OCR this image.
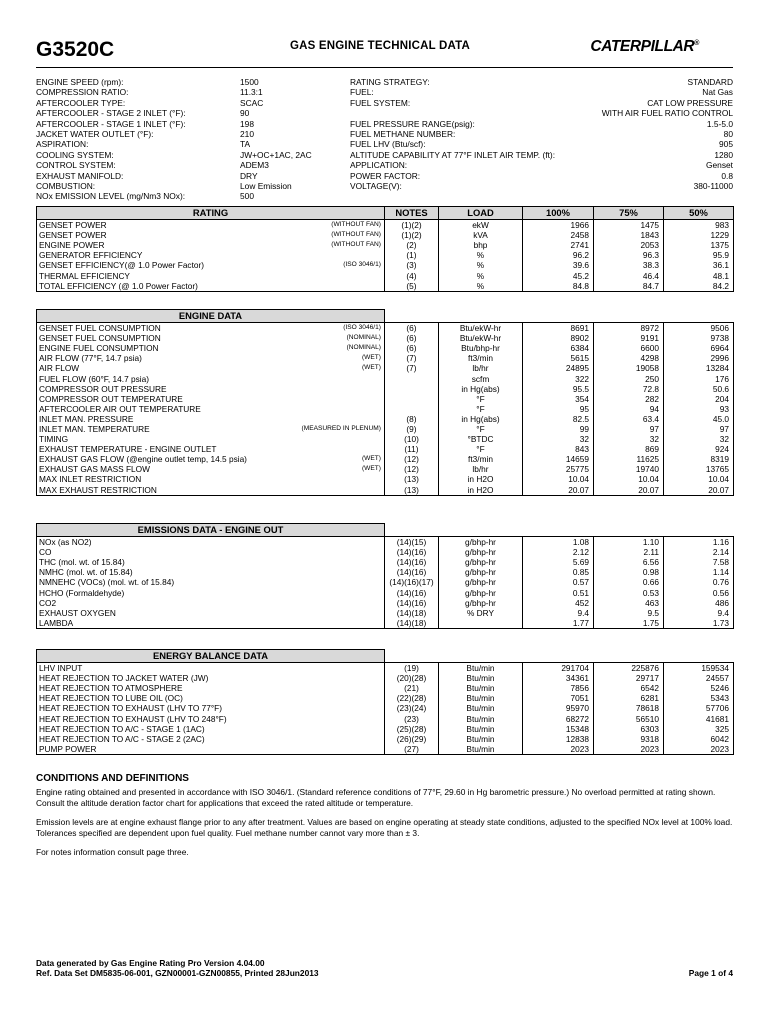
G3520C	GAS ENGINE TECHNICAL DATA	CATERPILLAR®
ENGINE SPEED (rpm):	1500	RATING STRATEGY:	STANDARD
COMPRESSION RATIO:	11.3:1	FUEL:	Nat Gas
AFTERCOOLER TYPE:	SCAC	FUEL SYSTEM:	CAT LOW PRESSURE
AFTERCOOLER - STAGE 2 INLET (°F):	90	WITH AIR FUEL RATIO CONTROL
AFTERCOOLER - STAGE 1 INLET (°F):	198	FUEL PRESSURE RANGE(psig):	1.5-5.0
JACKET WATER OUTLET (°F):	210	FUEL METHANE NUMBER:	80
ASPIRATION:	TA	FUEL LHV (Btu/scf):	905
COOLING SYSTEM:	JW+OC+1AC, 2AC	ALTITUDE CAPABILITY AT 77°F INLET AIR TEMP. (ft):	1280
CONTROL SYSTEM:	ADEM3	APPLICATION:	Genset
EXHAUST MANIFOLD:	DRY	POWER FACTOR:	0.8
COMBUSTION:	Low Emission	VOLTAGE(V):	380-11000
NOx EMISSION LEVEL (mg/Nm3 NOx):	500
RATING	NOTES	LOAD	100%	75%	50%
GENSET POWER (WITHOUT FAN)	(1)(2)	ekW	1966	1475	983
GENSET POWER (WITHOUT FAN)	(1)(2)	kVA	2458	1843	1229
ENGINE POWER (WITHOUT FAN)	(2)	bhp	2741	2053	1375
GENERATOR EFFICIENCY	(1)	%	96.2	96.3	95.9
GENSET EFFICIENCY(@ 1.0 Power Factor) (ISO 3046/1)	(3)	%	39.6	38.3	36.1
THERMAL EFFICIENCY	(4)	%	45.2	46.4	48.1
TOTAL EFFICIENCY (@ 1.0 Power Factor)	(5)	%	84.8	84.7	84.2
ENGINE DATA					
GENSET FUEL CONSUMPTION (ISO 3046/1)	(6)	Btu/ekW-hr	8691	8972	9506
GENSET FUEL CONSUMPTION (NOMINAL)	(6)	Btu/ekW-hr	8902	9191	9738
ENGINE FUEL CONSUMPTION (NOMINAL)	(6)	Btu/bhp-hr	6384	6600	6964
AIR FLOW (77°F, 14.7 psia) (WET)	(7)	ft3/min	5615	4298	2996
AIR FLOW (WET)	(7)	lb/hr	24895	19058	13284
FUEL FLOW (60°F, 14.7 psia)		scfm	322	250	176
COMPRESSOR OUT PRESSURE		in Hg(abs)	95.5	72.8	50.6
COMPRESSOR OUT TEMPERATURE		°F	354	282	204
AFTERCOOLER AIR OUT TEMPERATURE		°F	95	94	93
INLET MAN. PRESSURE	(8)	in Hg(abs)	82.5	63.4	45.0
INLET MAN. TEMPERATURE (MEASURED IN PLENUM)	(9)	°F	99	97	97
TIMING	(10)	°BTDC	32	32	32
EXHAUST TEMPERATURE - ENGINE OUTLET	(11)	°F	843	869	924
EXHAUST GAS FLOW (@engine outlet temp, 14.5 psia) (WET)	(12)	ft3/min	14659	11625	8319
EXHAUST GAS MASS FLOW (WET)	(12)	lb/hr	25775	19740	13765
MAX INLET RESTRICTION	(13)	in H2O	10.04	10.04	10.04
MAX EXHAUST RESTRICTION	(13)	in H2O	20.07	20.07	20.07
EMISSIONS DATA - ENGINE OUT					
NOx (as NO2)	(14)(15)	g/bhp-hr	1.08	1.10	1.16
CO	(14)(16)	g/bhp-hr	2.12	2.11	2.14
THC (mol. wt. of 15.84)	(14)(16)	g/bhp-hr	5.69	6.56	7.58
NMHC (mol. wt. of 15.84)	(14)(16)	g/bhp-hr	0.85	0.98	1.14
NMNEHC (VOCs) (mol. wt. of 15.84)	(14)(16)(17)	g/bhp-hr	0.57	0.66	0.76
HCHO (Formaldehyde)	(14)(16)	g/bhp-hr	0.51	0.53	0.56
CO2	(14)(16)	g/bhp-hr	452	463	486
EXHAUST OXYGEN	(14)(18)	% DRY	9.4	9.5	9.4
LAMBDA	(14)(18)		1.77	1.75	1.73
ENERGY BALANCE DATA					
LHV INPUT	(19)	Btu/min	291704	225876	159534
HEAT REJECTION TO JACKET WATER (JW)	(20)(28)	Btu/min	34361	29717	24557
HEAT REJECTION TO ATMOSPHERE	(21)	Btu/min	7856	6542	5246
HEAT REJECTION TO LUBE OIL (OC)	(22)(28)	Btu/min	7051	6281	5343
HEAT REJECTION TO EXHAUST (LHV TO 77°F)	(23)(24)	Btu/min	95970	78618	57706
HEAT REJECTION TO EXHAUST (LHV TO 248°F)	(23)	Btu/min	68272	56510	41681
HEAT REJECTION TO A/C - STAGE 1 (1AC)	(25)(28)	Btu/min	15348	6303	325
HEAT REJECTION TO A/C - STAGE 2 (2AC)	(26)(29)	Btu/min	12838	9318	6042
PUMP POWER	(27)	Btu/min	2023	2023	2023
CONDITIONS AND DEFINITIONS

Engine rating obtained and presented in accordance with ISO 3046/1. (Standard reference conditions of 77°F, 29.60 in Hg barometric pressure.) No overload permitted at rating shown. Consult the altitude deration factor chart for applications that exceed the rated altitude or temperature.

Emission levels are at engine exhaust flange prior to any after treatment. Values are based on engine operating at steady state conditions, adjusted to the specified NOx level at 100% load. Tolerances specified are dependent upon fuel quality. Fuel methane number cannot vary more than ± 3.

For notes information consult page three.

Data generated by Gas Engine Rating Pro Version 4.04.00
Ref. Data Set DM5835-06-001, GZN00001-GZN00855, Printed 28Jun2013	Page 1 of 4
